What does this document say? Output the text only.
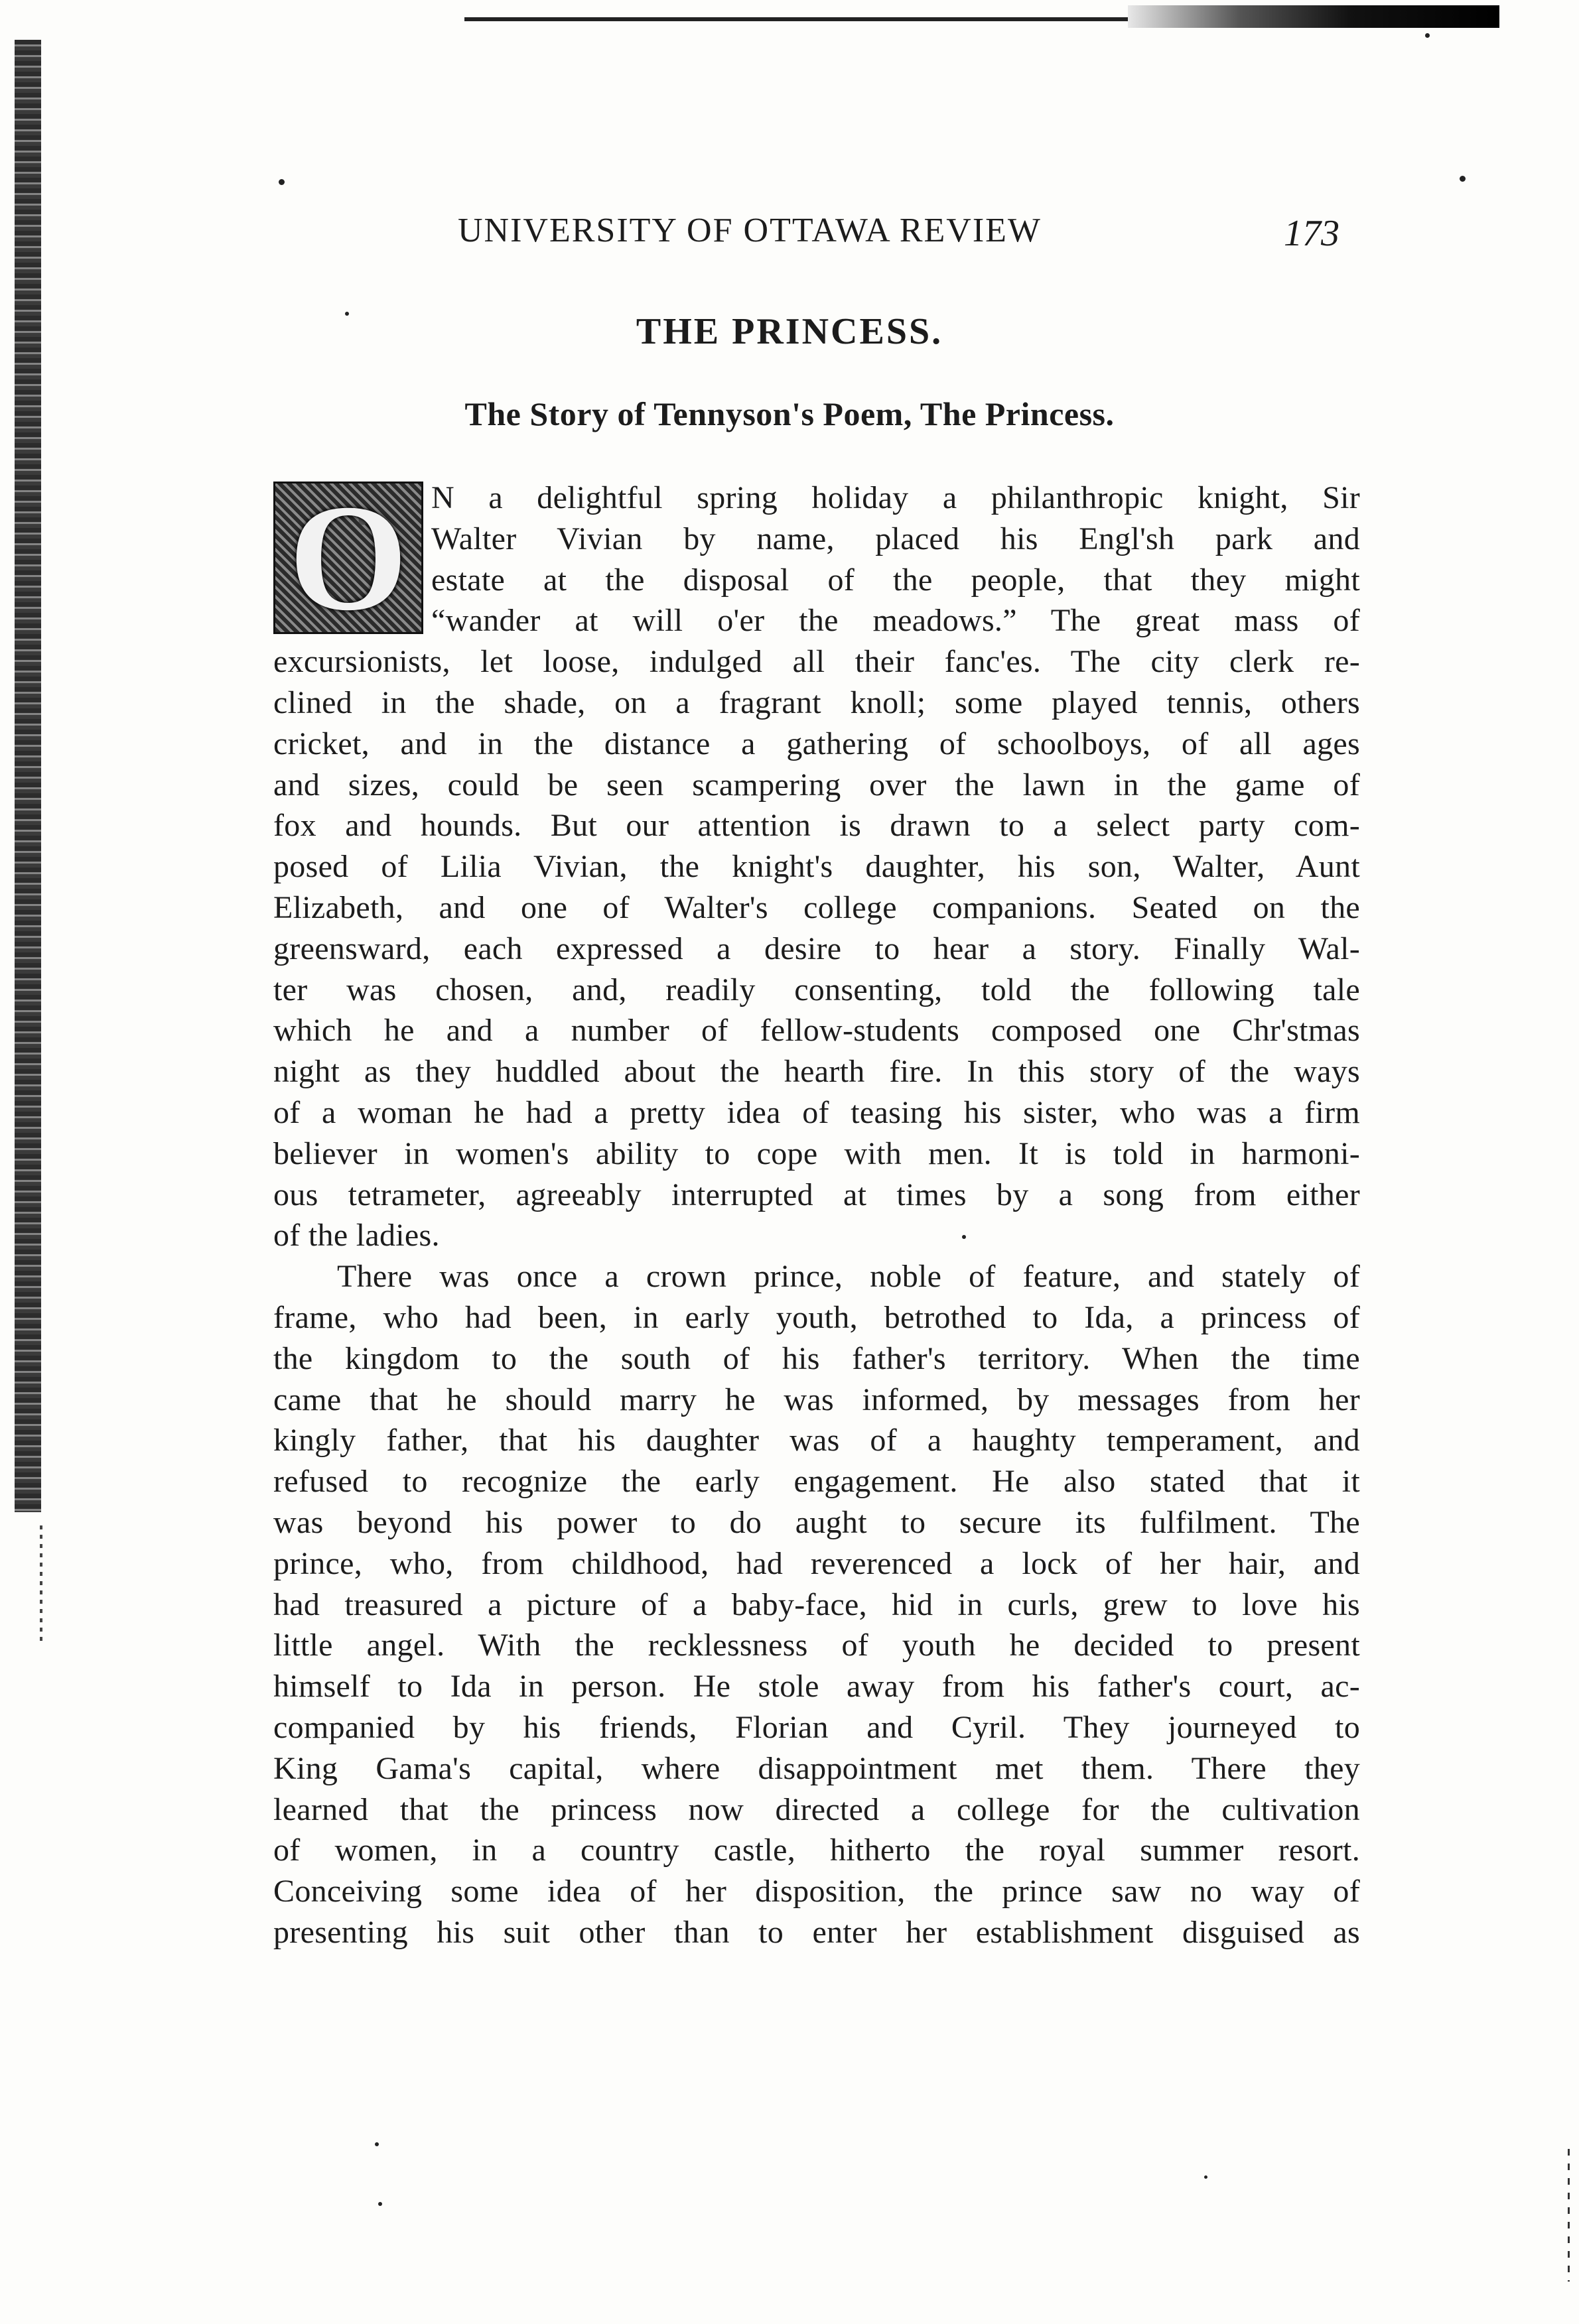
UNIVERSITY OF OTTAWA REVIEW	173
THE PRINCESS.
The Story of Tennyson's Poem, The Princess.
O N a delightful spring holiday a philanthropic knight, Sir
Walter Vivian by name, placed his Engl'sh park and
estate at the disposal of the people, that they might
“wander at will o'er the meadows.” The great mass of
excursionists, let loose, indulged all their fanc'es. The city clerk re-
clined in the shade, on a fragrant knoll; some played tennis, others
cricket, and in the distance a gathering of schoolboys, of all ages
and sizes, could be seen scampering over the lawn in the game of
fox and hounds. But our attention is drawn to a select party com-
posed of Lilia Vivian, the knight's daughter, his son, Walter, Aunt
Elizabeth, and one of Walter's college companions. Seated on the
greensward, each expressed a desire to hear a story. Finally Wal-
ter was chosen, and, readily consenting, told the following tale
which he and a number of fellow-students composed one Chr'stmas
night as they huddled about the hearth fire. In this story of the ways
of a woman he had a pretty idea of teasing his sister, who was a firm
believer in women's ability to cope with men. It is told in harmoni-
ous tetrameter, agreeably interrupted at times by a song from either
of the ladies.
There was once a crown prince, noble of feature, and stately of
frame, who had been, in early youth, betrothed to Ida, a princess of
the kingdom to the south of his father's territory. When the time
came that he should marry he was informed, by messages from her
kingly father, that his daughter was of a haughty temperament, and
refused to recognize the early engagement. He also stated that it
was beyond his power to do aught to secure its fulfilment. The
prince, who, from childhood, had reverenced a lock of her hair, and
had treasured a picture of a baby-face, hid in curls, grew to love his
little angel. With the recklessness of youth he decided to present
himself to Ida in person. He stole away from his father's court, ac-
companied by his friends, Florian and Cyril. They journeyed to
King Gama's capital, where disappointment met them. There they
learned that the princess now directed a college for the cultivation
of women, in a country castle, hitherto the royal summer resort.
Conceiving some idea of her disposition, the prince saw no way of
presenting his suit other than to enter her establishment disguised as
